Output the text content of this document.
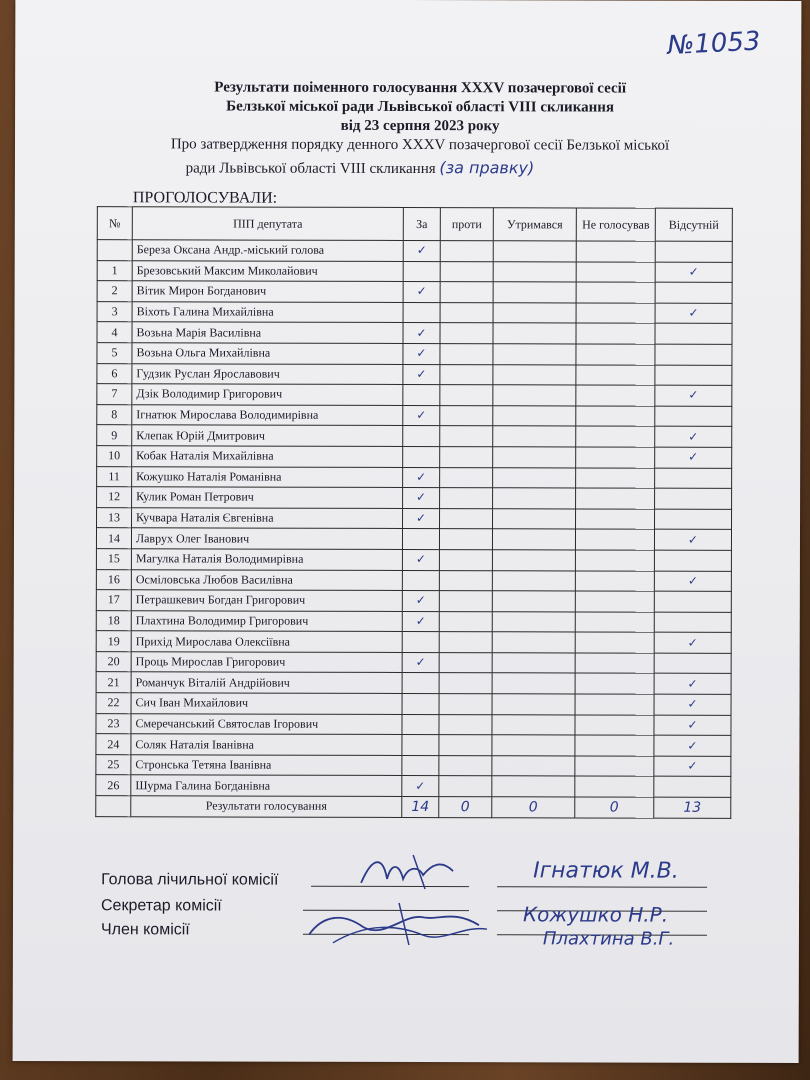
№1053
Результати поіменного голосування XXXV позачергової сесії
Белзької міської ради Львівської області VIII скликання
від 23 серпня 2023 року
Про затвердження порядку денного XXXV позачергової сесії Белзької міської
ради Львівської області VIII скликання (за правку)
ПРОГОЛОСУВАЛИ:
№	ПІП депутата	За	проти	Утримався	Не голосував	Відсутній
	Береза Оксана Андр.-міський голова	✓				
1	Брезовський Максим Миколайович					✓
2	Вітик Мирон Богданович	✓				
3	Віхоть Галина Михайлівна					✓
4	Возьна Марія Василівна	✓				
5	Возьна Ольга Михайлівна	✓				
6	Гудзик Руслан Ярославович	✓				
7	Дзік Володимир Григорович					✓
8	Ігнатюк Мирослава Володимирівна	✓				
9	Клепак Юрій Дмитрович					✓
10	Кобак Наталія Михайлівна					✓
11	Кожушко Наталія Романівна	✓				
12	Кулик Роман Петрович	✓				
13	Кучвара Наталія Євгенівна	✓				
14	Лаврух Олег Іванович					✓
15	Магулка Наталія Володимирівна	✓				
16	Осміловська Любов Василівна					✓
17	Петрашкевич Богдан Григорович	✓				
18	Плахтина Володимир Григорович	✓				
19	Прихід Мирослава Олексіївна					✓
20	Проць Мирослав Григорович	✓				
21	Романчук Віталій Андрійович					✓
22	Сич Іван Михайлович					✓
23	Смеречанський Святослав Ігорович					✓
24	Соляк Наталія Іванівна					✓
25	Стронська Тетяна Іванівна					✓
26	Шурма Галина Богданівна	✓				
	Результати голосування	14	0	0	0	13
Голова лічильної комісії
Секретар комісії
Член комісії
Ігнатюк М.В.
Кожушко Н.Р.
Плахтина В.Г.
